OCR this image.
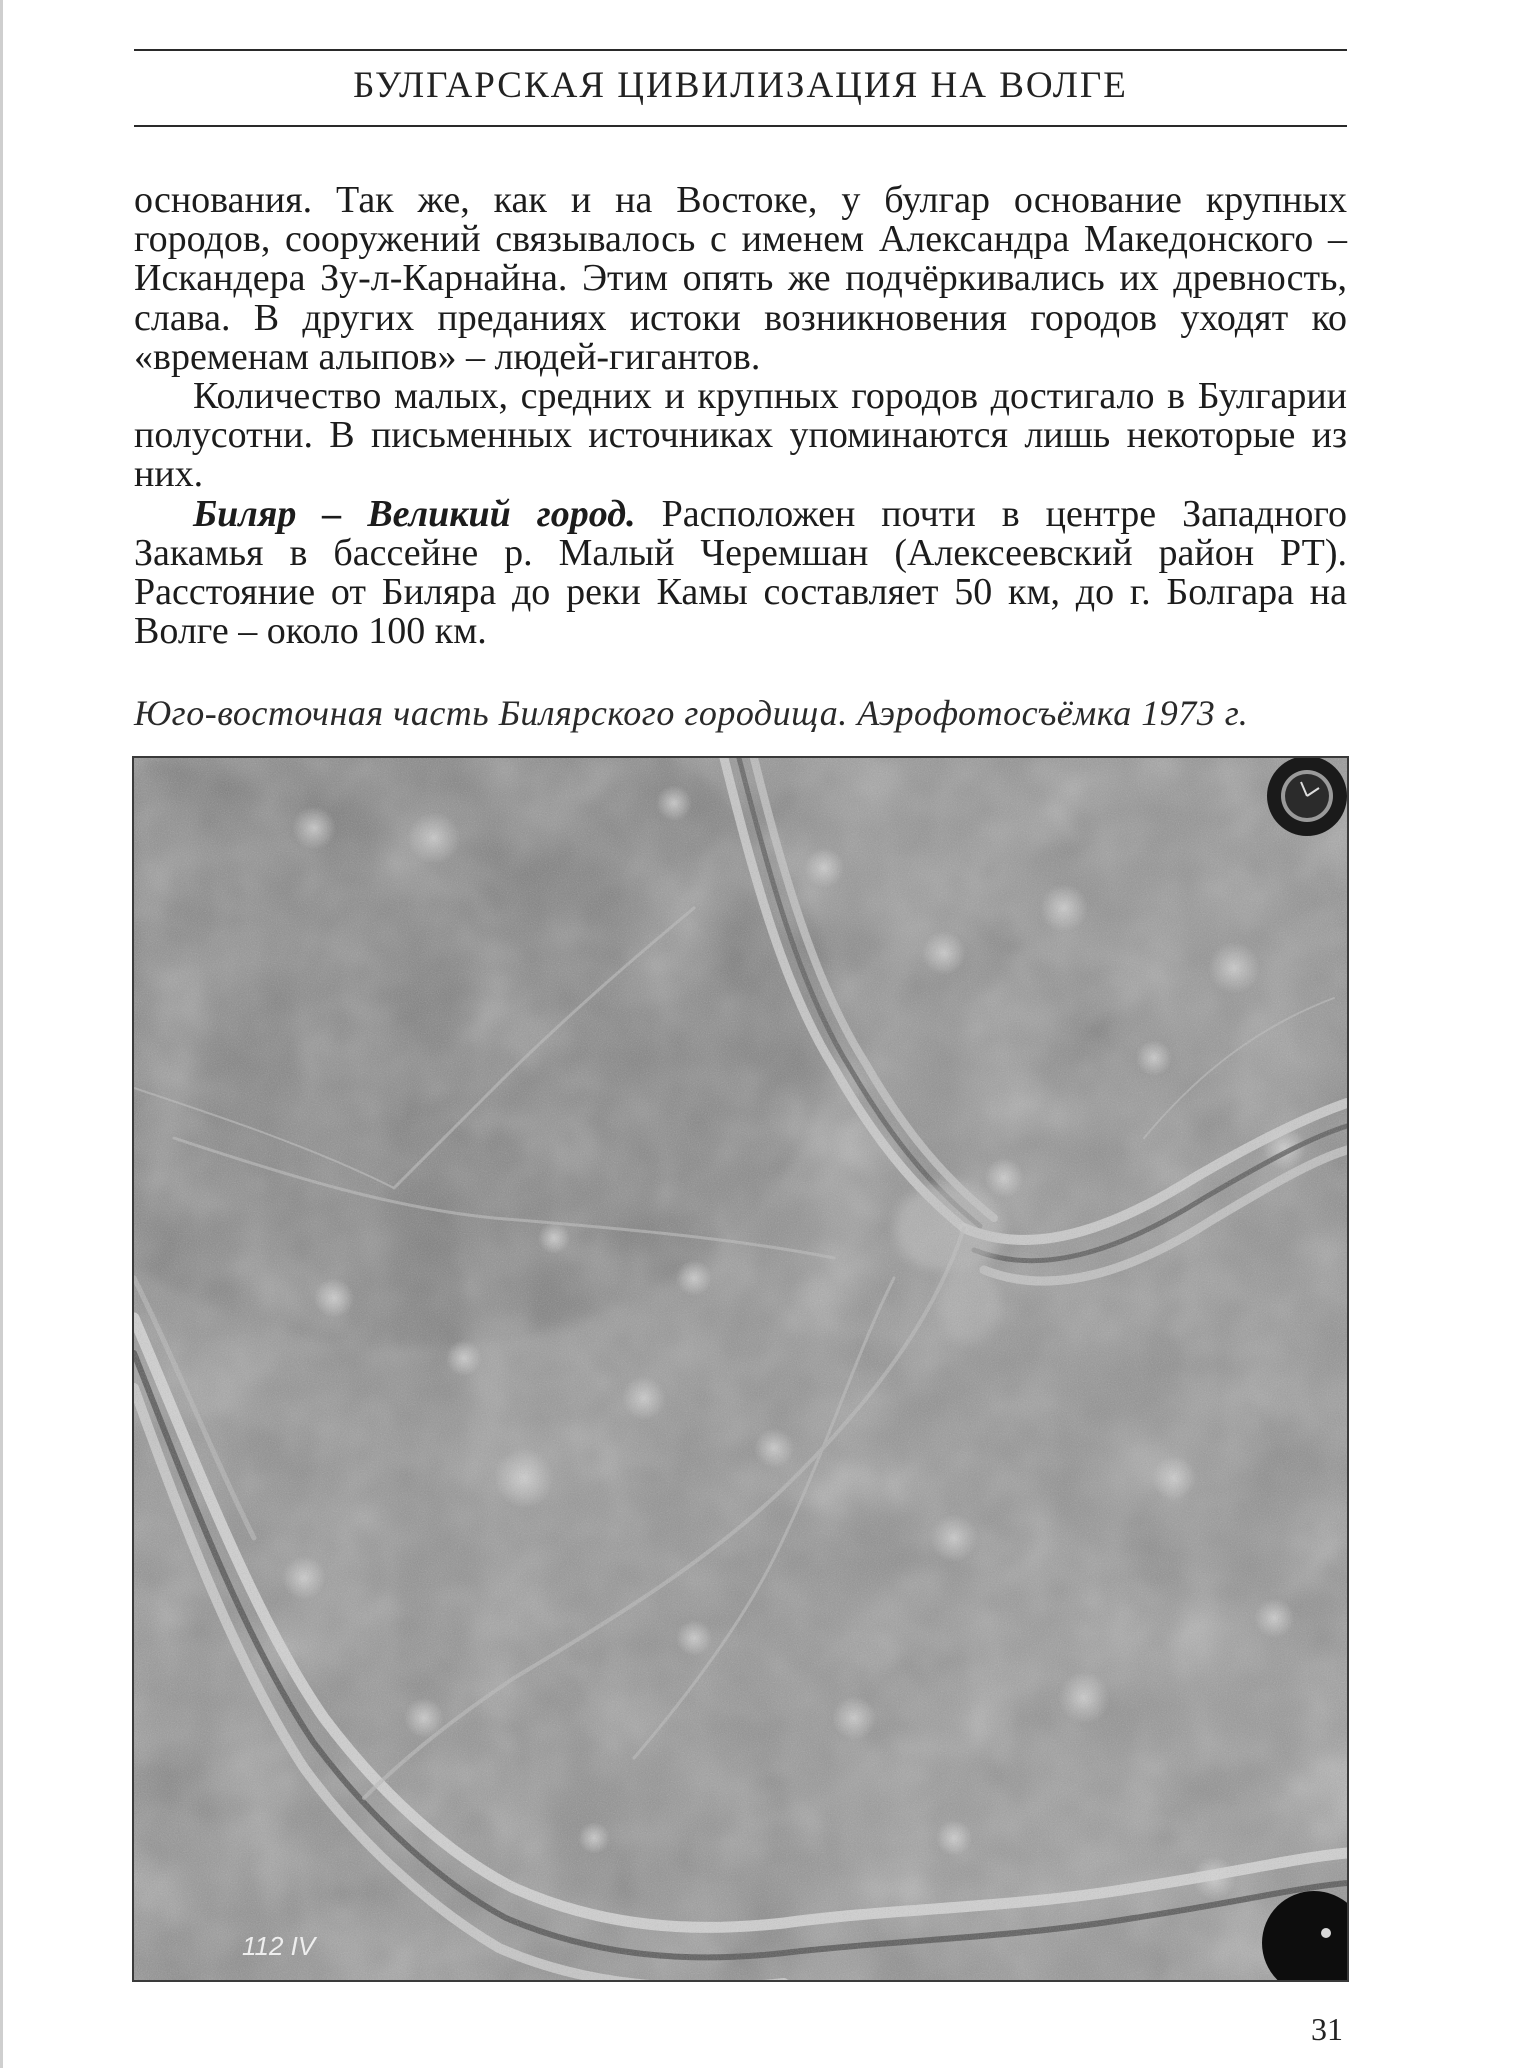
БУЛГАРСКАЯ ЦИВИЛИЗАЦИЯ НА ВОЛГЕ

основания. Так же, как и на Востоке, у булгар основание крупных городов, сооружений связывалось с именем Александра Македонского – Искандера Зу-л-Карнайна. Этим опять же подчёркивались их древность, слава. В других преданиях истоки возникновения городов уходят ко «временам алыпов» – людей-гигантов.

Количество малых, средних и крупных городов достигало в Булгарии полусотни. В письменных источниках упоминаются лишь некоторые из них.

Биляр – Великий город. Расположен почти в центре Западного Закамья в бассейне р. Малый Черемшан (Алексеевский район РТ). Расстояние от Биляра до реки Камы составляет 50 км, до г. Болгара на Волге – около 100 км.

Юго-восточная часть Билярского городища. Аэрофотосъёмка 1973 г.
112 IV
31
